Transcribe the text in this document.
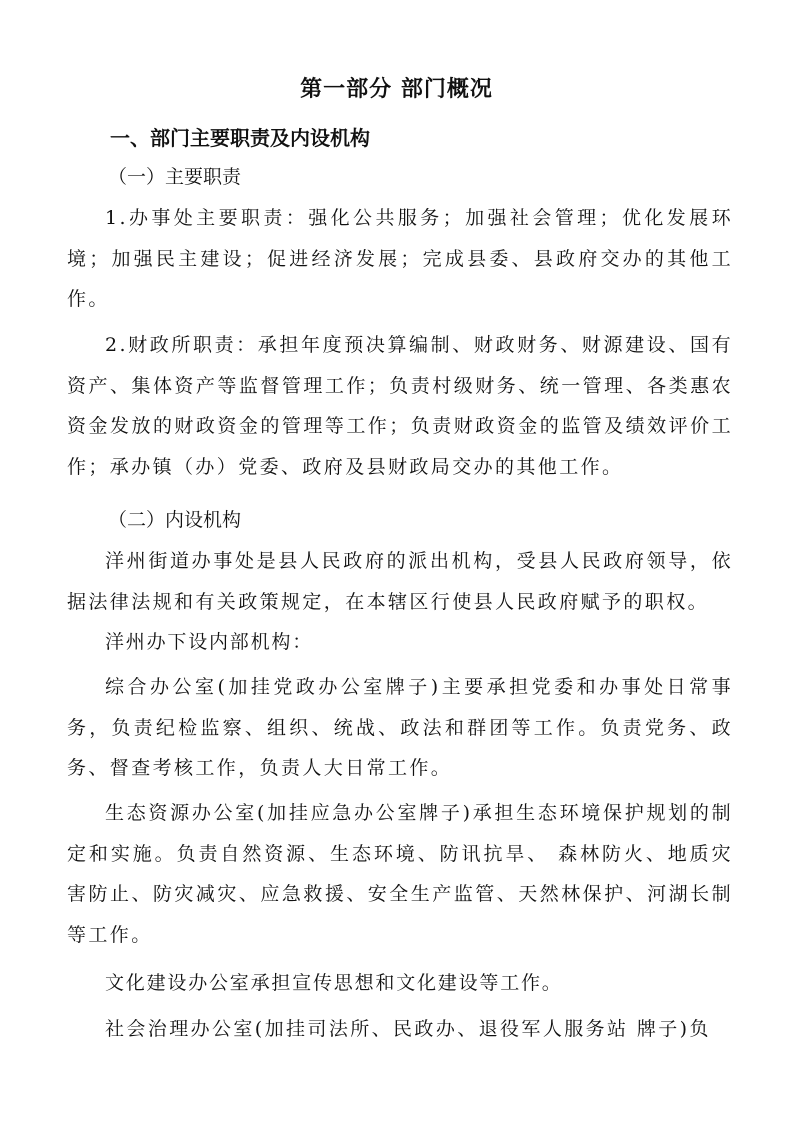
第一部分 部门概况
一、部门主要职责及内设机构
（一）主要职责
1.办事处主要职责：强化公共服务；加强社会管理；优化发展环境；加强民主建设；促进经济发展；完成县委、县政府交办的其他工作。
2.财政所职责：承担年度预决算编制、财政财务、财源建设、国有资产、集体资产等监督管理工作；负责村级财务、统一管理、各类惠农资金发放的财政资金的管理等工作；负责财政资金的监管及绩效评价工作；承办镇（办）党委、政府及县财政局交办的其他工作。
（二）内设机构
洋州街道办事处是县人民政府的派出机构，受县人民政府领导，依据法律法规和有关政策规定，在本辖区行使县人民政府赋予的职权。
洋州办下设内部机构：
综合办公室(加挂党政办公室牌子)主要承担党委和办事处日常事务，负责纪检监察、组织、统战、政法和群团等工作。负责党务、政务、督查考核工作，负责人大日常工作。
生态资源办公室(加挂应急办公室牌子)承担生态环境保护规划的制定和实施。负责自然资源、生态环境、防讯抗旱、 森林防火、地质灾害防止、防灾减灾、应急救援、安全生产监管、天然林保护、河湖长制等工作。
文化建设办公室承担宣传思想和文化建设等工作。
社会治理办公室(加挂司法所、民政办、退役军人服务站 牌子)负
